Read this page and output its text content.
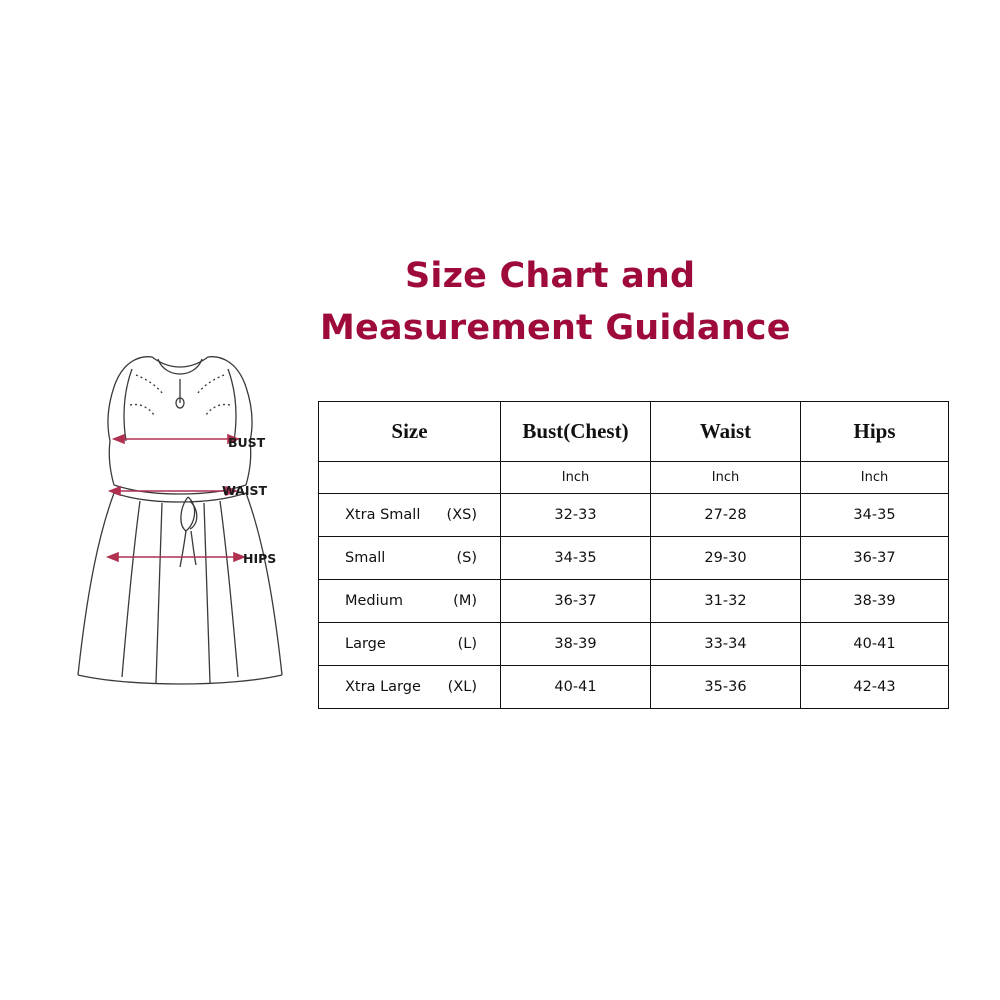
Size Chart and
Measurement Guidance
BUST
WAIST
HIPS
Size	Bust(Chest)	Waist	Hips
	Inch	Inch	Inch
Xtra Small (XS)	32-33	27-28	34-35
Small (S)	34-35	29-30	36-37
Medium (M)	36-37	31-32	38-39
Large (L)	38-39	33-34	40-41
Xtra Large (XL)	40-41	35-36	42-43
